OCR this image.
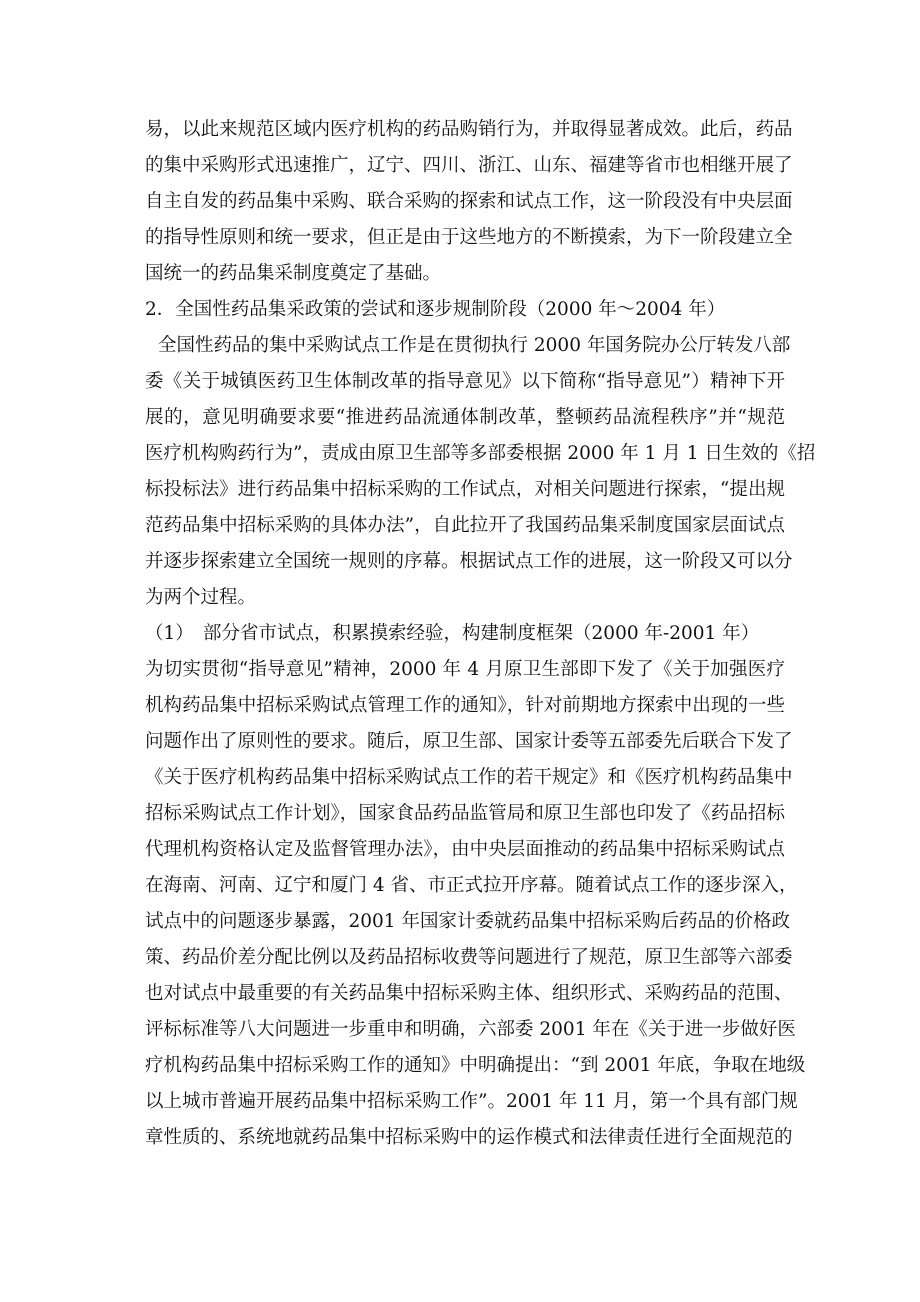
易，以此来规范区域内医疗机构的药品购销行为，并取得显著成效。此后，药品
的集中采购形式迅速推广，辽宁、四川、浙江、山东、福建等省市也相继开展了
自主自发的药品集中采购、联合采购的探索和试点工作，这一阶段没有中央层面
的指导性原则和统一要求，但正是由于这些地方的不断摸索，为下一阶段建立全
国统一的药品集采制度奠定了基础。
2．全国性药品集采政策的尝试和逐步规制阶段（2000 年～2004 年）
全国性药品的集中采购试点工作是在贯彻执行 2000 年国务院办公厅转发八部
委《关于城镇医药卫生体制改革的指导意见》以下简称“指导意见”）精神下开
展的，意见明确要求要“推进药品流通体制改革，整顿药品流程秩序”并“规范
医疗机构购药行为”，责成由原卫生部等多部委根据 2000 年 1 月 1 日生效的《招
标投标法》进行药品集中招标采购的工作试点，对相关问题进行探索，“提出规
范药品集中招标采购的具体办法”，自此拉开了我国药品集采制度国家层面试点
并逐步探索建立全国统一规则的序幕。根据试点工作的进展，这一阶段又可以分
为两个过程。
（1）　部分省市试点，积累摸索经验，构建制度框架（2000 年-2001 年）
为切实贯彻“指导意见”精神，2000 年 4 月原卫生部即下发了《关于加强医疗
机构药品集中招标采购试点管理工作的通知》，针对前期地方探索中出现的一些
问题作出了原则性的要求。随后，原卫生部、国家计委等五部委先后联合下发了
《关于医疗机构药品集中招标采购试点工作的若干规定》和《医疗机构药品集中
招标采购试点工作计划》，国家食品药品监管局和原卫生部也印发了《药品招标
代理机构资格认定及监督管理办法》，由中央层面推动的药品集中招标采购试点
在海南、河南、辽宁和厦门 4 省、市正式拉开序幕。随着试点工作的逐步深入，
试点中的问题逐步暴露，2001 年国家计委就药品集中招标采购后药品的价格政
策、药品价差分配比例以及药品招标收费等问题进行了规范，原卫生部等六部委
也对试点中最重要的有关药品集中招标采购主体、组织形式、采购药品的范围、
评标标准等八大问题进一步重申和明确，六部委 2001 年在《关于进一步做好医
疗机构药品集中招标采购工作的通知》中明确提出：“到 2001 年底，争取在地级
以上城市普遍开展药品集中招标采购工作”。2001 年 11 月，第一个具有部门规
章性质的、系统地就药品集中招标采购中的运作模式和法律责任进行全面规范的
